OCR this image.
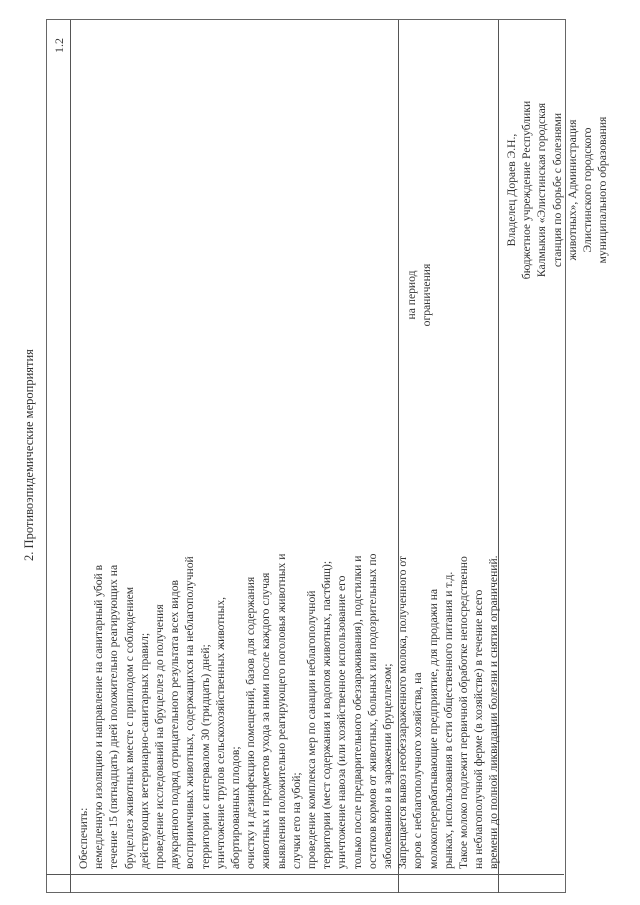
1.2
Обеспечить: немедленную изоляцию и направление на санитарный убой в течение 15 (пятнадцать) дней положительно реагирующих на бруцеллез животных вместе с приплодом с соблюдением действующих ветеринарно-санитарных правил; проведение исследований на бруцеллез до получения двукратного подряд отрицательного результата всех видов восприимчивых животных, содержащихся на неблагополучной территории с интервалом 30 (тридцать) дней; уничтожение трупов сельскохозяйственных животных, абортированных плодов; очистку и дезинфекцию помещений, базов для содержания животных и предметов ухода за ними после каждого случая выявления положительно реагирующего поголовья животных и случки его на убой; проведение комплекса мер по санации неблагополучной территории (мест содержания и водопоя животных, пастбищ); уничтожение навоза (или хозяйственное использование его только после предварительного обеззараживания), подстилки и остатков кормов от животных, больных или подозрительных по заболеванию и в заражении бруцеллезом; Запрещается вывоз необеззараженного молока, полученного от коров с неблагополучного хозяйства, на молокоперерабатывающие предприятие, для продажи на рынках, использования в сети общественного питания и т.д. Такое молоко подлежит первичной обработке непосредственно на неблагополучной ферме (в хозяйстве) в течение всего времени до полной ликвидации болезни и снятия ограничений.
на период ограничения
Владелец Дорaев Э.Н., бюджетное учреждение Республики Калмыкия «Элистинская городская станция по борьбе с болезнями животных», Администрация Элистинского городского муниципального образования
2. Противоэпидемические мероприятия
